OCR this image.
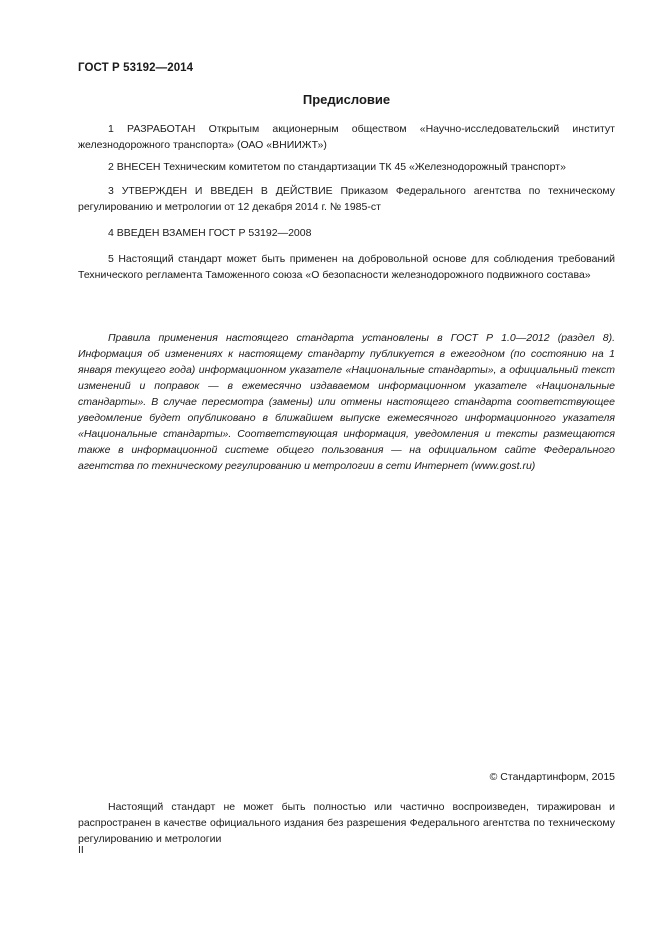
ГОСТ Р 53192—2014
Предисловие

1 РАЗРАБОТАН Открытым акционерным обществом «Научно-исследовательский институт железнодорожного транспорта» (ОАО «ВНИИЖТ»)

2 ВНЕСЕН Техническим комитетом по стандартизации ТК 45 «Железнодорожный транспорт»

3 УТВЕРЖДЕН И ВВЕДЕН В ДЕЙСТВИЕ Приказом Федерального агентства по техническому регулированию и метрологии от 12 декабря 2014 г. № 1985-ст

4 ВВЕДЕН ВЗАМЕН ГОСТ Р 53192—2008

5 Настоящий стандарт может быть применен на добровольной основе для соблюдения требований Технического регламента Таможенного союза «О безопасности железнодорожного подвижного состава»

Правила применения настоящего стандарта установлены в ГОСТ Р 1.0—2012 (раздел 8). Информация об изменениях к настоящему стандарту публикуется в ежегодном (по состоянию на 1 января текущего года) информационном указателе «Национальные стандарты», а официальный текст изменений и поправок — в ежемесячно издаваемом информационном указателе «Национальные стандарты». В случае пересмотра (замены) или отмены настоящего стандарта соответствующее уведомление будет опубликовано в ближайшем выпуске ежемесячного информационного указателя «Национальные стандарты». Соответствующая информация, уведомления и тексты размещаются также в информационной системе общего пользования — на официальном сайте Федерального агентства по техническому регулированию и метрологии в сети Интернет (www.gost.ru)

© Стандартинформ, 2015

Настоящий стандарт не может быть полностью или частично воспроизведен, тиражирован и распространен в качестве официального издания без разрешения Федерального агентства по техническому регулированию и метрологии

II
